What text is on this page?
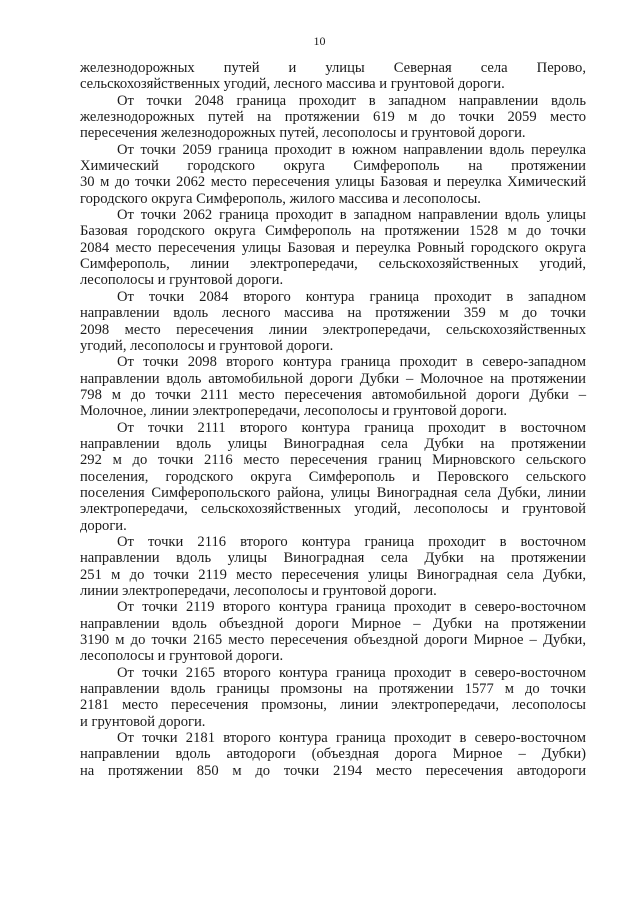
10

железнодорожных путей и улицы Северная села Перово,
сельскохозяйственных угодий, лесного массива и грунтовой дороги.

От точки 2048 граница проходит в западном направлении вдоль
железнодорожных путей на протяжении 619 м до точки 2059 место
пересечения железнодорожных путей, лесополосы и грунтовой дороги.

От точки 2059 граница проходит в южном направлении вдоль переулка
Химический городского округа Симферополь на протяжении
30 м до точки 2062 место пересечения улицы Базовая и переулка Химический
городского округа Симферополь, жилого массива и лесополосы.

От точки 2062 граница проходит в западном направлении вдоль улицы
Базовая городского округа Симферополь на протяжении 1528 м до точки
2084 место пересечения улицы Базовая и переулка Ровный городского округа
Симферополь, линии электропередачи, сельскохозяйственных угодий,
лесополосы и грунтовой дороги.

От точки 2084 второго контура граница проходит в западном
направлении вдоль лесного массива на протяжении 359 м до точки
2098 место пересечения линии электропередачи, сельскохозяйственных
угодий, лесополосы и грунтовой дороги.

От точки 2098 второго контура граница проходит в северо-западном
направлении вдоль автомобильной дороги Дубки – Молочное на протяжении
798 м до точки 2111 место пересечения автомобильной дороги Дубки –
Молочное, линии электропередачи, лесополосы и грунтовой дороги.

От точки 2111 второго контура граница проходит в восточном
направлении вдоль улицы Виноградная села Дубки на протяжении
292 м до точки 2116 место пересечения границ Мирновского сельского
поселения, городского округа Симферополь и Перовского сельского
поселения Симферопольского района, улицы Виноградная села Дубки, линии
электропередачи, сельскохозяйственных угодий, лесополосы и грунтовой
дороги.

От точки 2116 второго контура граница проходит в восточном
направлении вдоль улицы Виноградная села Дубки на протяжении
251 м до точки 2119 место пересечения улицы Виноградная села Дубки,
линии электропередачи, лесополосы и грунтовой дороги.

От точки 2119 второго контура граница проходит в северо-восточном
направлении вдоль объездной дороги Мирное – Дубки на протяжении
3190 м до точки 2165 место пересечения объездной дороги Мирное – Дубки,
лесополосы и грунтовой дороги.

От точки 2165 второго контура граница проходит в северо-восточном
направлении вдоль границы промзоны на протяжении 1577 м до точки
2181 место пересечения промзоны, линии электропередачи, лесополосы
и грунтовой дороги.

От точки 2181 второго контура граница проходит в северо-восточном
направлении вдоль автодороги (объездная дорога Мирное – Дубки)
на протяжении 850 м до точки 2194 место пересечения автодороги
